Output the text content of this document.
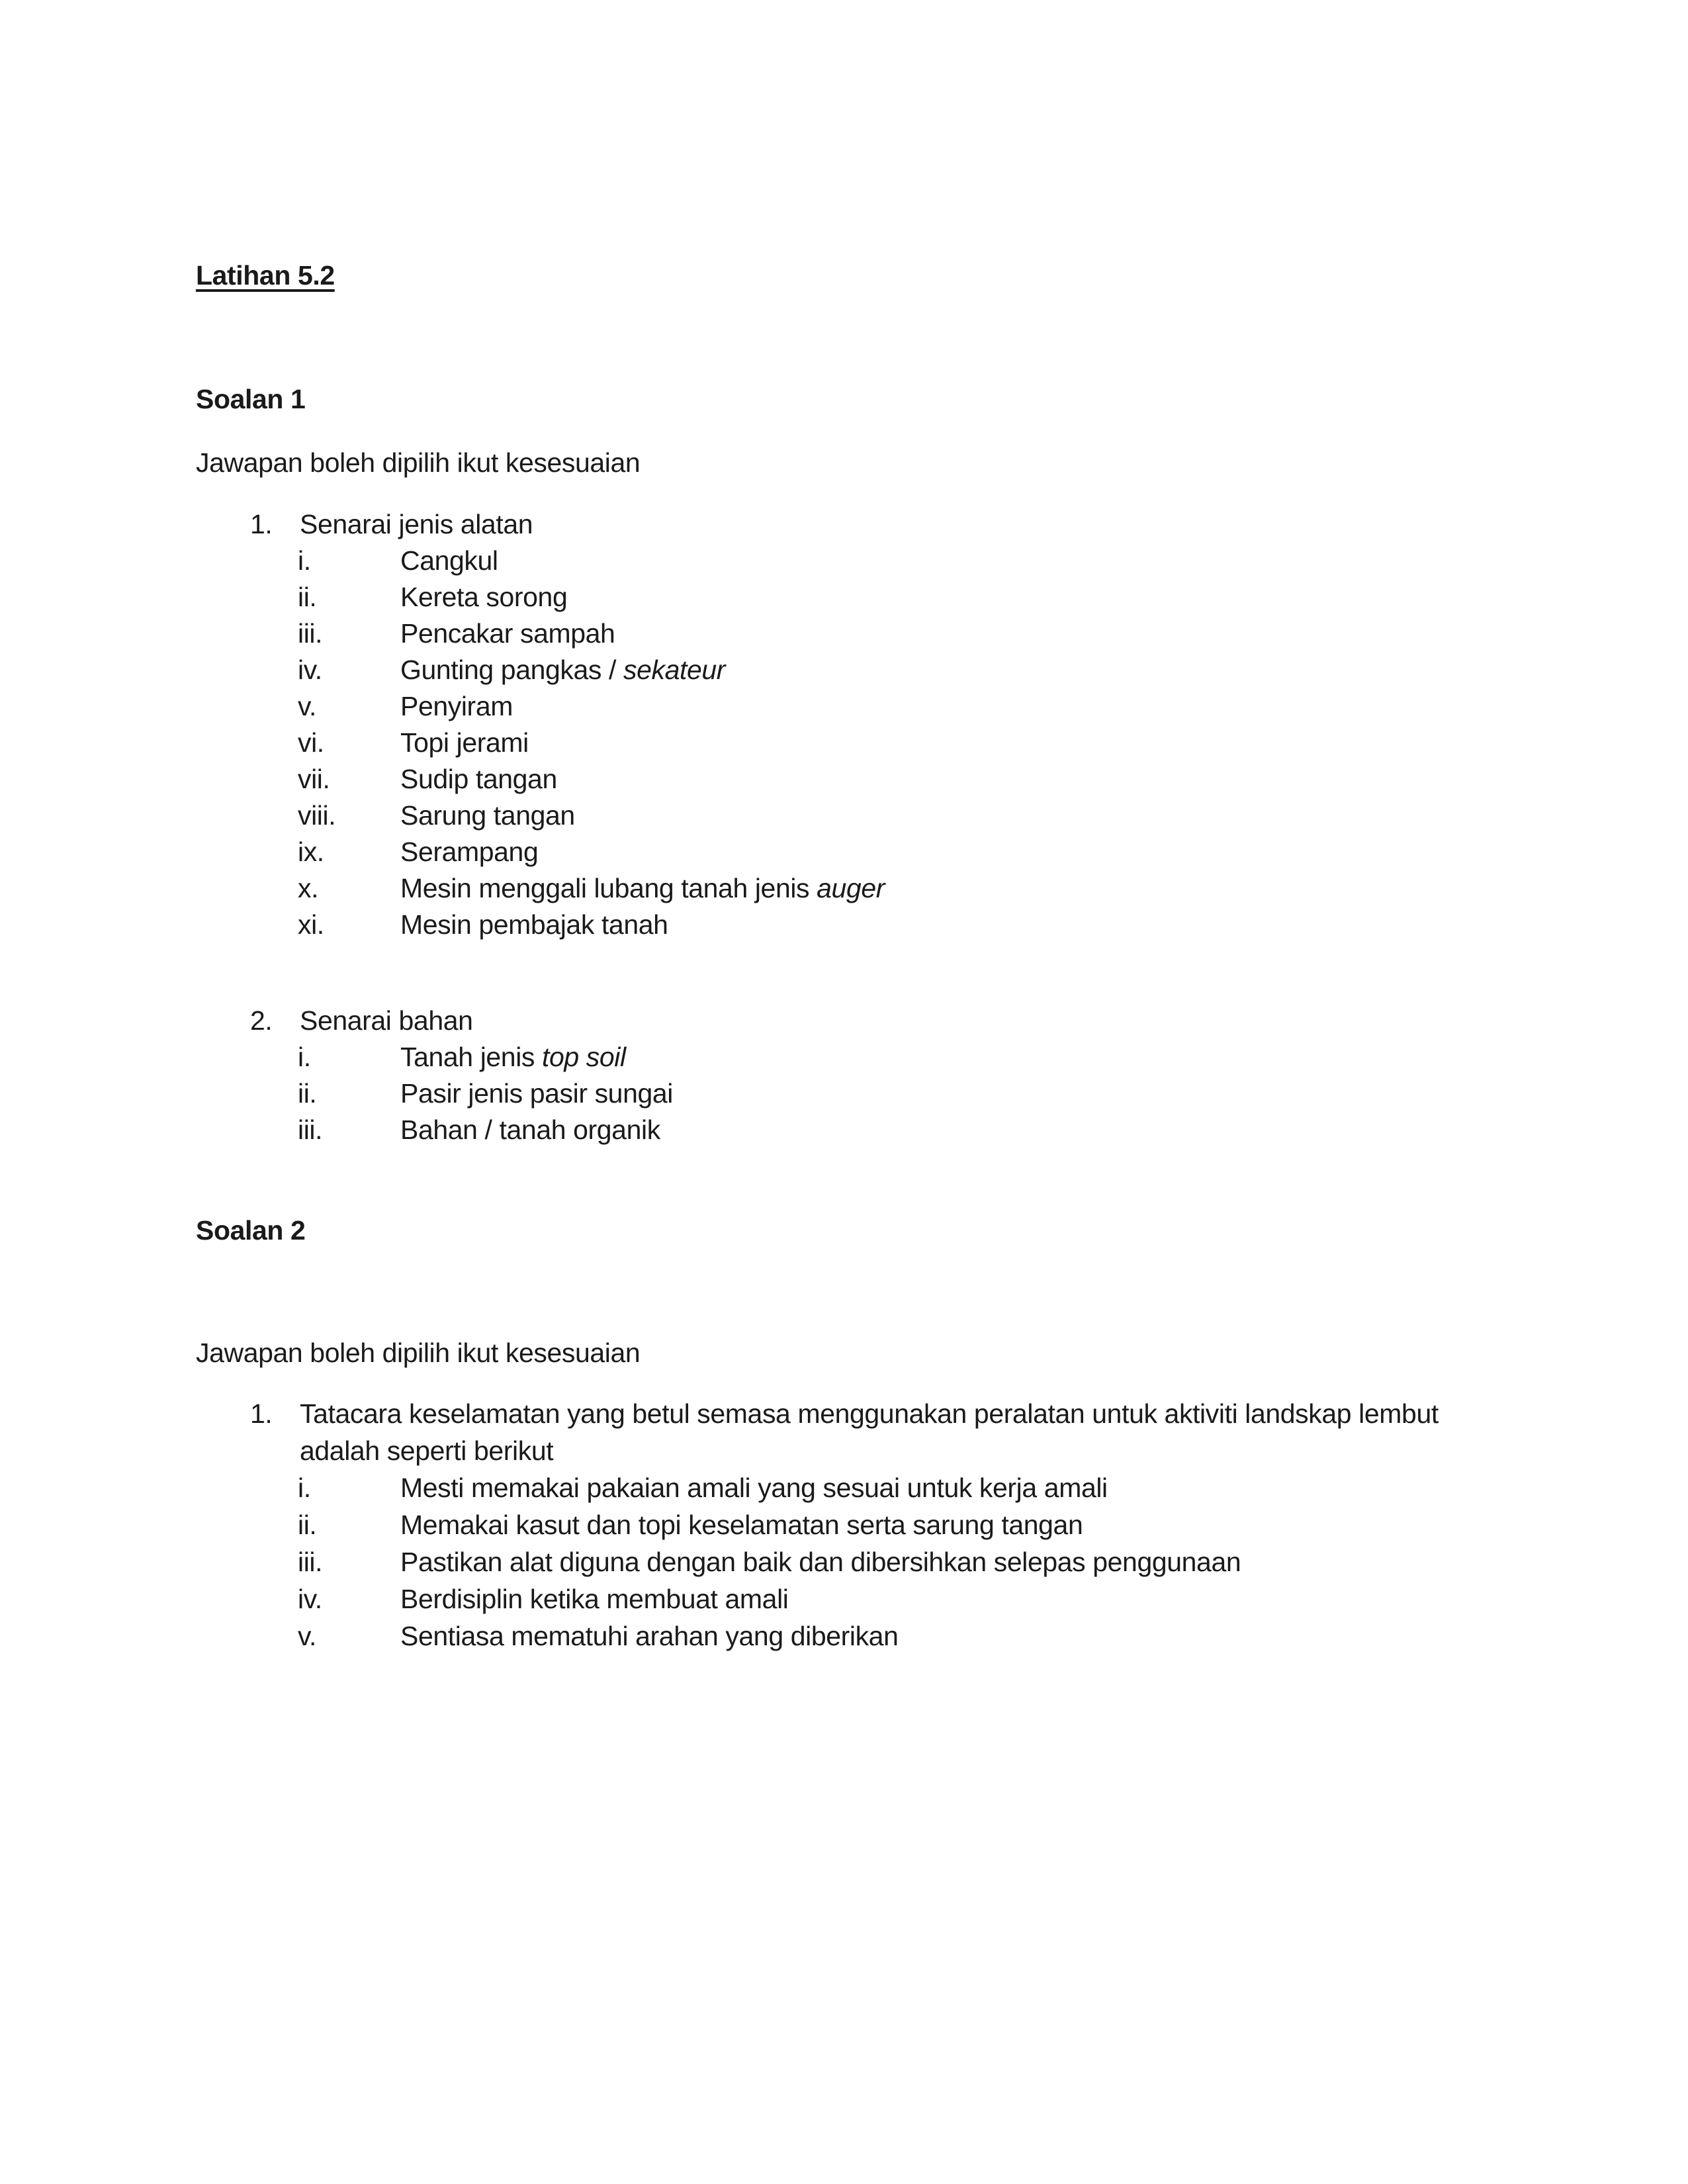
Latihan 5.2
Soalan 1
Jawapan boleh dipilih ikut kesesuaian
1.	Senarai jenis alatan
i.	Cangkul
ii.	Kereta sorong
iii.	Pencakar sampah
iv.	Gunting pangkas / sekateur
v.	Penyiram
vi.	Topi jerami
vii.	Sudip tangan
viii.	Sarung tangan
ix.	Serampang
x.	Mesin menggali lubang tanah jenis auger
xi.	Mesin pembajak tanah
2.	Senarai bahan
i.	Tanah jenis top soil
ii.	Pasir jenis pasir sungai
iii.	Bahan / tanah organik
Soalan 2
Jawapan boleh dipilih ikut kesesuaian
1.	Tatacara keselamatan yang betul semasa menggunakan peralatan untuk aktiviti landskap lembut adalah seperti berikut
i.	Mesti memakai pakaian amali yang sesuai untuk kerja amali
ii.	Memakai kasut dan topi keselamatan serta sarung tangan
iii.	Pastikan alat diguna dengan baik dan dibersihkan selepas penggunaan
iv.	Berdisiplin ketika membuat amali
v.	Sentiasa mematuhi arahan yang diberikan
